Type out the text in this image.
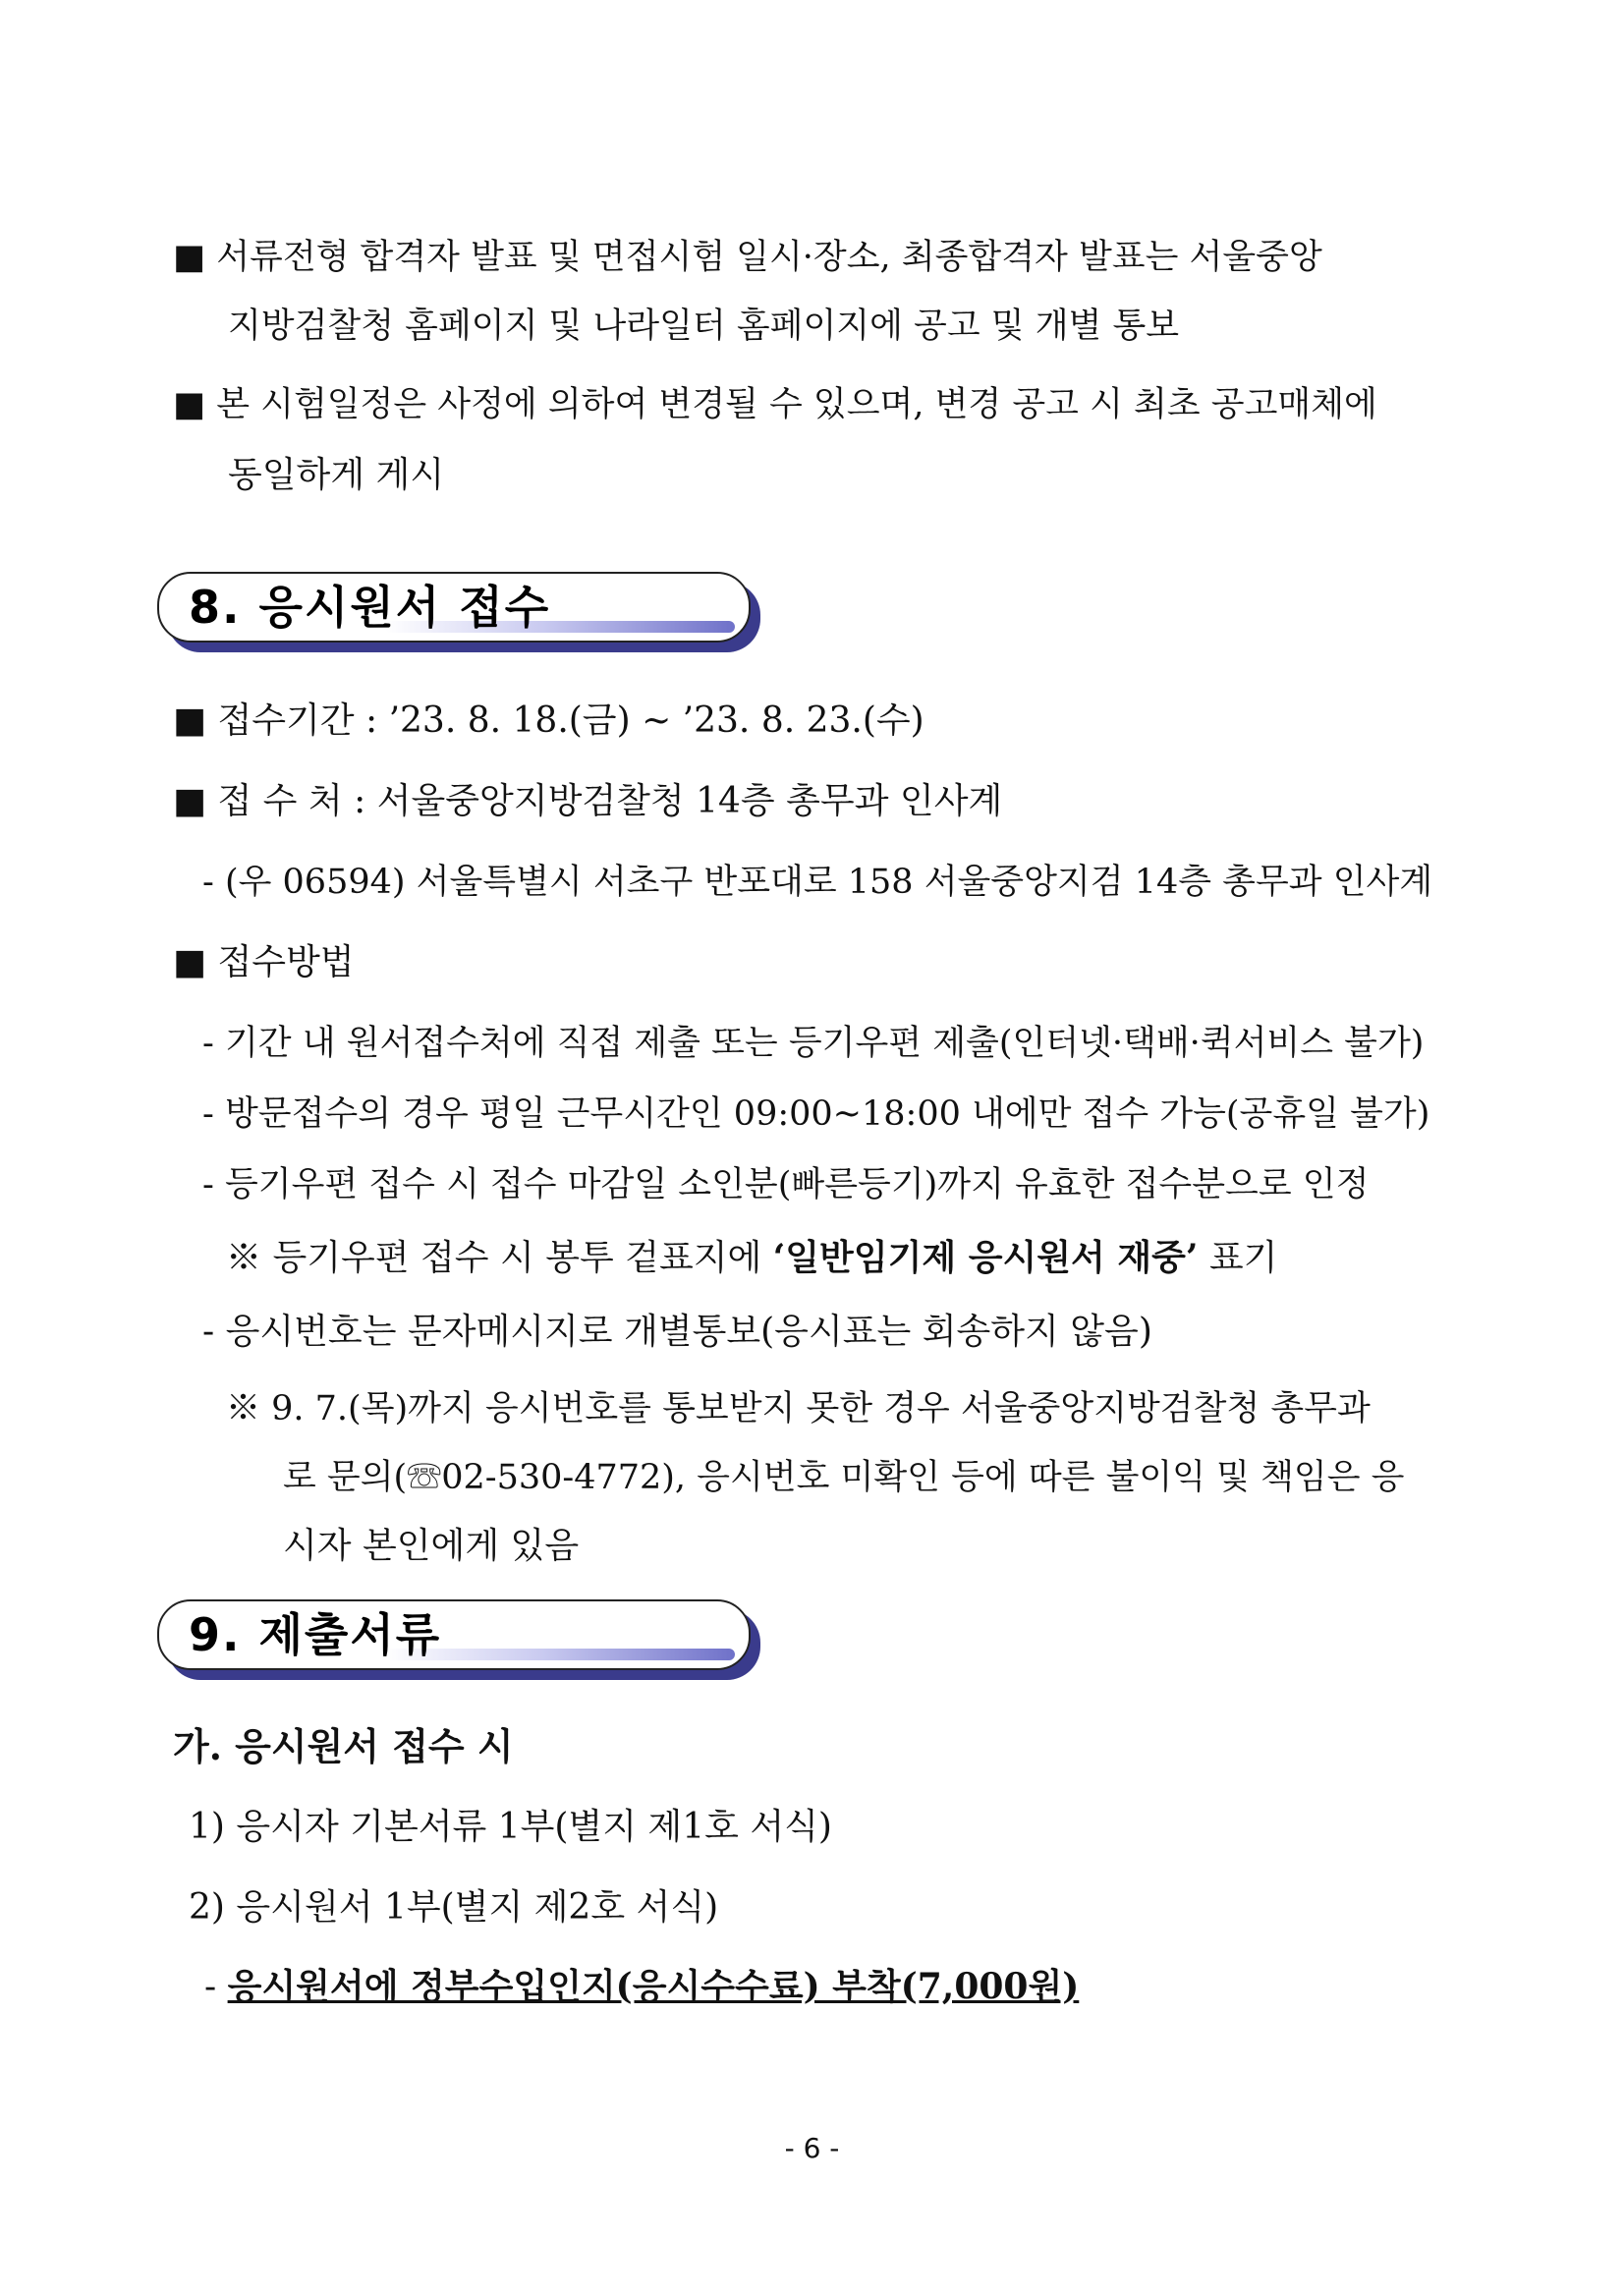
■ 서류전형 합격자 발표 및 면접시험 일시·장소, 최종합격자 발표는 서울중앙
지방검찰청 홈페이지 및 나라일터 홈페이지에 공고 및 개별 통보
■ 본 시험일정은 사정에 의하여 변경될 수 있으며, 변경 공고 시 최초 공고매체에
동일하게 게시
8. 응시원서 접수
■ 접수기간 : ’23. 8. 18.(금) ~ ’23. 8. 23.(수)
■ 접 수 처 : 서울중앙지방검찰청 14층 총무과 인사계
- (우 06594) 서울특별시 서초구 반포대로 158 서울중앙지검 14층 총무과 인사계
■ 접수방법
- 기간 내 원서접수처에 직접 제출 또는 등기우편 제출(인터넷·택배·퀵서비스 불가)
- 방문접수의 경우 평일 근무시간인 09:00~18:00 내에만 접수 가능(공휴일 불가)
- 등기우편 접수 시 접수 마감일 소인분(빠른등기)까지 유효한 접수분으로 인정
※ 등기우편 접수 시 봉투 겉표지에 ‘일반임기제 응시원서 재중’ 표기
- 응시번호는 문자메시지로 개별통보(응시표는 회송하지 않음)
※ 9. 7.(목)까지 응시번호를 통보받지 못한 경우 서울중앙지방검찰청 총무과
로 문의(☏02-530-4772), 응시번호 미확인 등에 따른 불이익 및 책임은 응
시자 본인에게 있음
9. 제출서류
가. 응시원서 접수 시
1) 응시자 기본서류 1부(별지 제1호 서식)
2) 응시원서 1부(별지 제2호 서식)
- 응시원서에 정부수입인지(응시수수료) 부착(7,000원)
- 6 -
